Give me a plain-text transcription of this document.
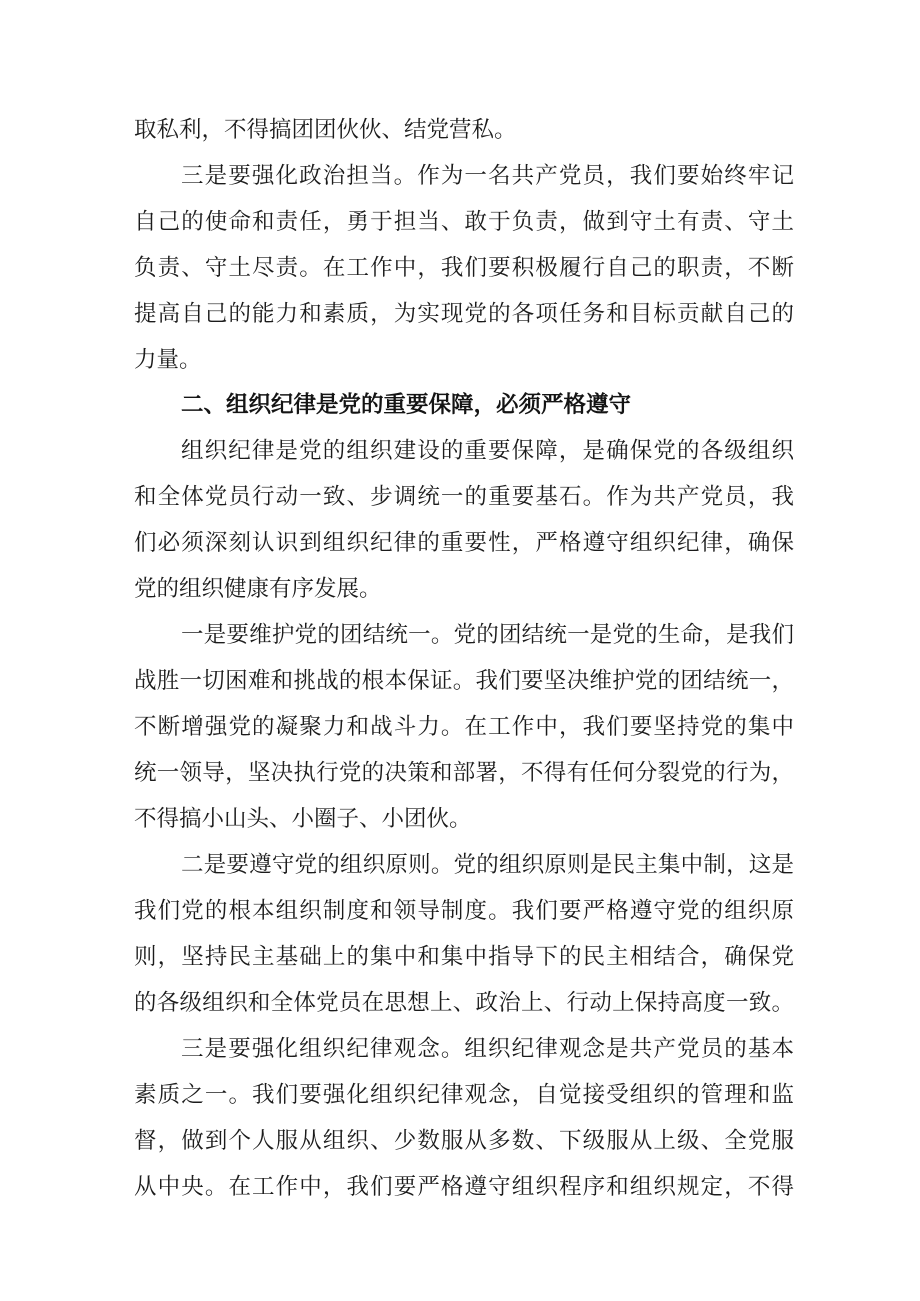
取私利，不得搞团团伙伙、结党营私。

三是要强化政治担当。作为一名共产党员，我们要始终牢记

自己的使命和责任，勇于担当、敢于负责，做到守土有责、守土

负责、守土尽责。在工作中，我们要积极履行自己的职责，不断

提高自己的能力和素质，为实现党的各项任务和目标贡献自己的

力量。

二、组织纪律是党的重要保障，必须严格遵守

组织纪律是党的组织建设的重要保障，是确保党的各级组织

和全体党员行动一致、步调统一的重要基石。作为共产党员，我

们必须深刻认识到组织纪律的重要性，严格遵守组织纪律，确保

党的组织健康有序发展。

一是要维护党的团结统一。党的团结统一是党的生命，是我们

战胜一切困难和挑战的根本保证。我们要坚决维护党的团结统一，

不断增强党的凝聚力和战斗力。在工作中，我们要坚持党的集中

统一领导，坚决执行党的决策和部署，不得有任何分裂党的行为，

不得搞小山头、小圈子、小团伙。

二是要遵守党的组织原则。党的组织原则是民主集中制，这是

我们党的根本组织制度和领导制度。我们要严格遵守党的组织原

则，坚持民主基础上的集中和集中指导下的民主相结合，确保党

的各级组织和全体党员在思想上、政治上、行动上保持高度一致。

三是要强化组织纪律观念。组织纪律观念是共产党员的基本

素质之一。我们要强化组织纪律观念，自觉接受组织的管理和监

督，做到个人服从组织、少数服从多数、下级服从上级、全党服

从中央。在工作中，我们要严格遵守组织程序和组织规定，不得
